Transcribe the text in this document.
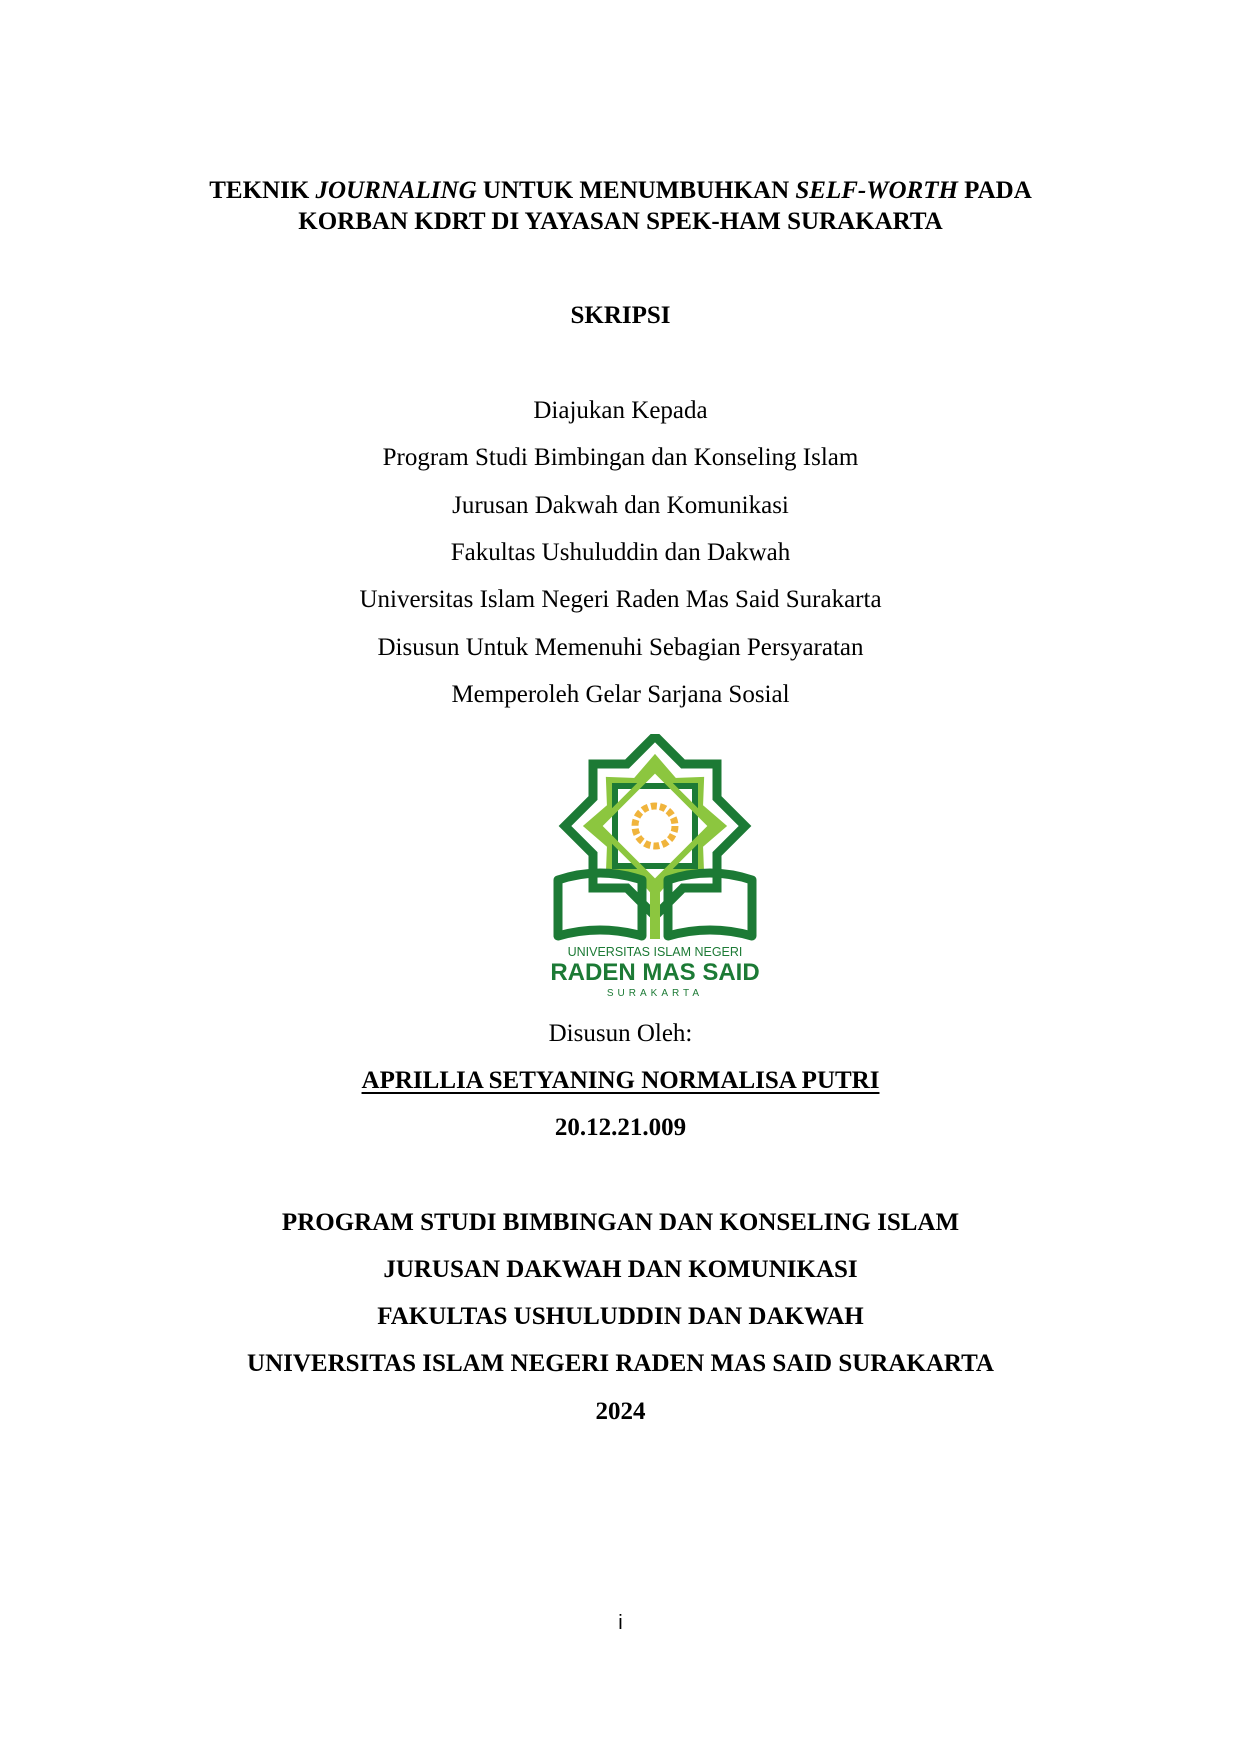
TEKNIK JOURNALING UNTUK MENUMBUHKAN SELF-WORTH PADA
KORBAN KDRT DI YAYASAN SPEK-HAM SURAKARTA
SKRIPSI
Diajukan Kepada
Program Studi Bimbingan dan Konseling Islam
Jurusan Dakwah dan Komunikasi
Fakultas Ushuluddin dan Dakwah
Universitas Islam Negeri Raden Mas Said Surakarta
Disusun Untuk Memenuhi Sebagian Persyaratan
Memperoleh Gelar Sarjana Sosial
UNIVERSITAS ISLAM NEGERI
RADEN MAS SAID
SURAKARTA
Disusun Oleh:
APRILLIA SETYANING NORMALISA PUTRI
20.12.21.009
PROGRAM STUDI BIMBINGAN DAN KONSELING ISLAM
JURUSAN DAKWAH DAN KOMUNIKASI
FAKULTAS USHULUDDIN DAN DAKWAH
UNIVERSITAS ISLAM NEGERI RADEN MAS SAID SURAKARTA
2024
i
